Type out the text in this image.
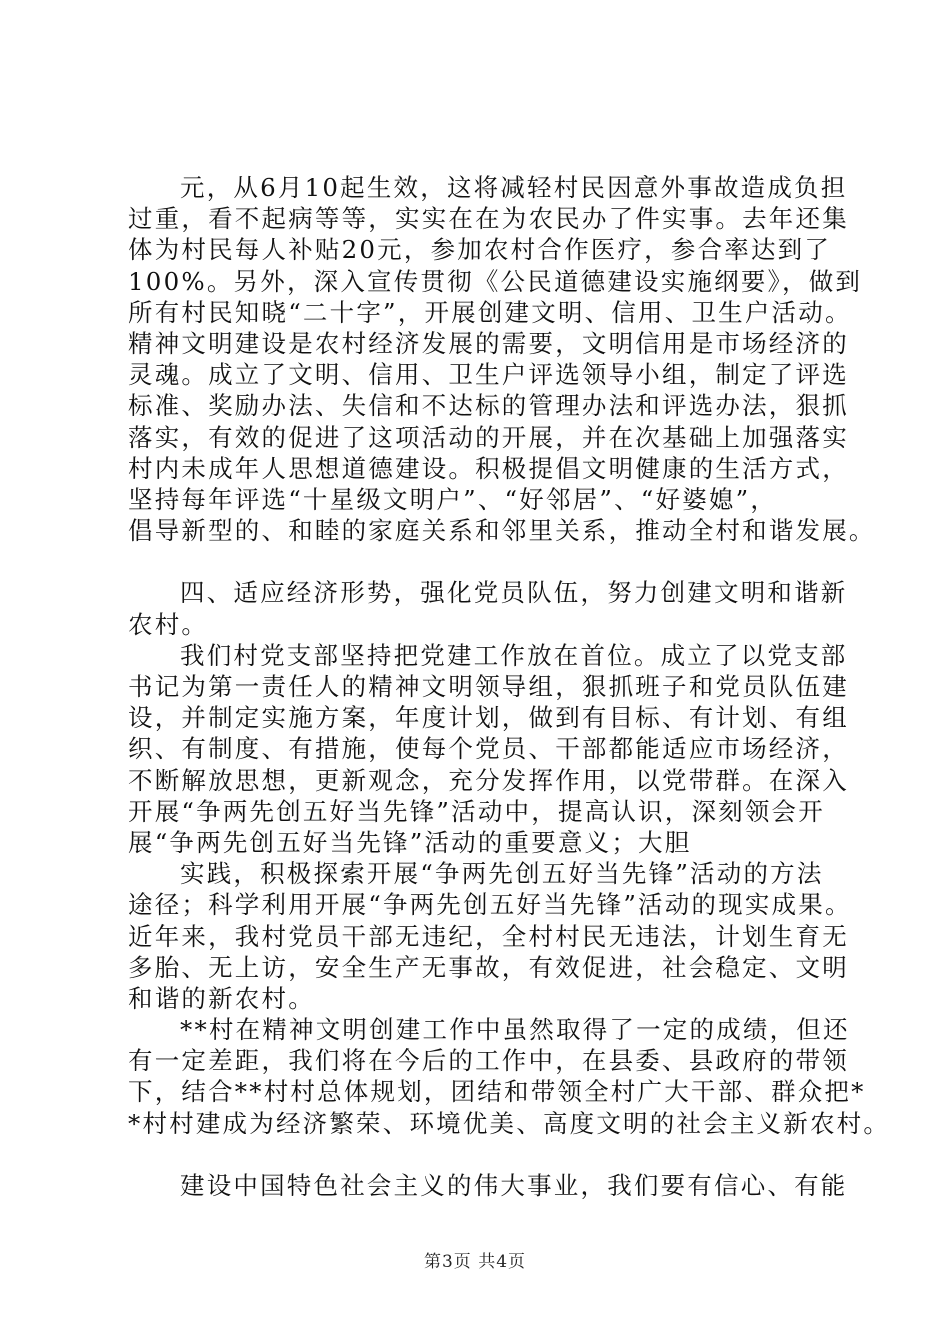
元，从6月10起生效，这将减轻村民因意外事故造成负担
过重，看不起病等等，实实在在为农民办了件实事。去年还集
体为村民每人补贴20元，参加农村合作医疗，参合率达到了
100%。另外，深入宣传贯彻《公民道德建设实施纲要》，做到
所有村民知晓“二十字”，开展创建文明、信用、卫生户活动。
精神文明建设是农村经济发展的需要，文明信用是市场经济的
灵魂。成立了文明、信用、卫生户评选领导小组，制定了评选
标准、奖励办法、失信和不达标的管理办法和评选办法，狠抓
落实，有效的促进了这项活动的开展，并在次基础上加强落实
村内未成年人思想道德建设。积极提倡文明健康的生活方式，
坚持每年评选“十星级文明户”、“好邻居”、“好婆媳”，
倡导新型的、和睦的家庭关系和邻里关系，推动全村和谐发展。
四、适应经济形势，强化党员队伍，努力创建文明和谐新
农村。
我们村党支部坚持把党建工作放在首位。成立了以党支部
书记为第一责任人的精神文明领导组，狠抓班子和党员队伍建
设，并制定实施方案，年度计划，做到有目标、有计划、有组
织、有制度、有措施，使每个党员、干部都能适应市场经济，
不断解放思想，更新观念，充分发挥作用，以党带群。在深入
开展“争两先创五好当先锋”活动中，提高认识，深刻领会开
展“争两先创五好当先锋”活动的重要意义；大胆
实践，积极探索开展“争两先创五好当先锋”活动的方法
途径；科学利用开展“争两先创五好当先锋”活动的现实成果。
近年来，我村党员干部无违纪，全村村民无违法，计划生育无
多胎、无上访，安全生产无事故，有效促进，社会稳定、文明
和谐的新农村。
**村在精神文明创建工作中虽然取得了一定的成绩，但还
有一定差距，我们将在今后的工作中，在县委、县政府的带领
下，结合**村村总体规划，团结和带领全村广大干部、群众把*
*村村建成为经济繁荣、环境优美、高度文明的社会主义新农村。
建设中国特色社会主义的伟大事业，我们要有信心、有能
第3页 共4页
